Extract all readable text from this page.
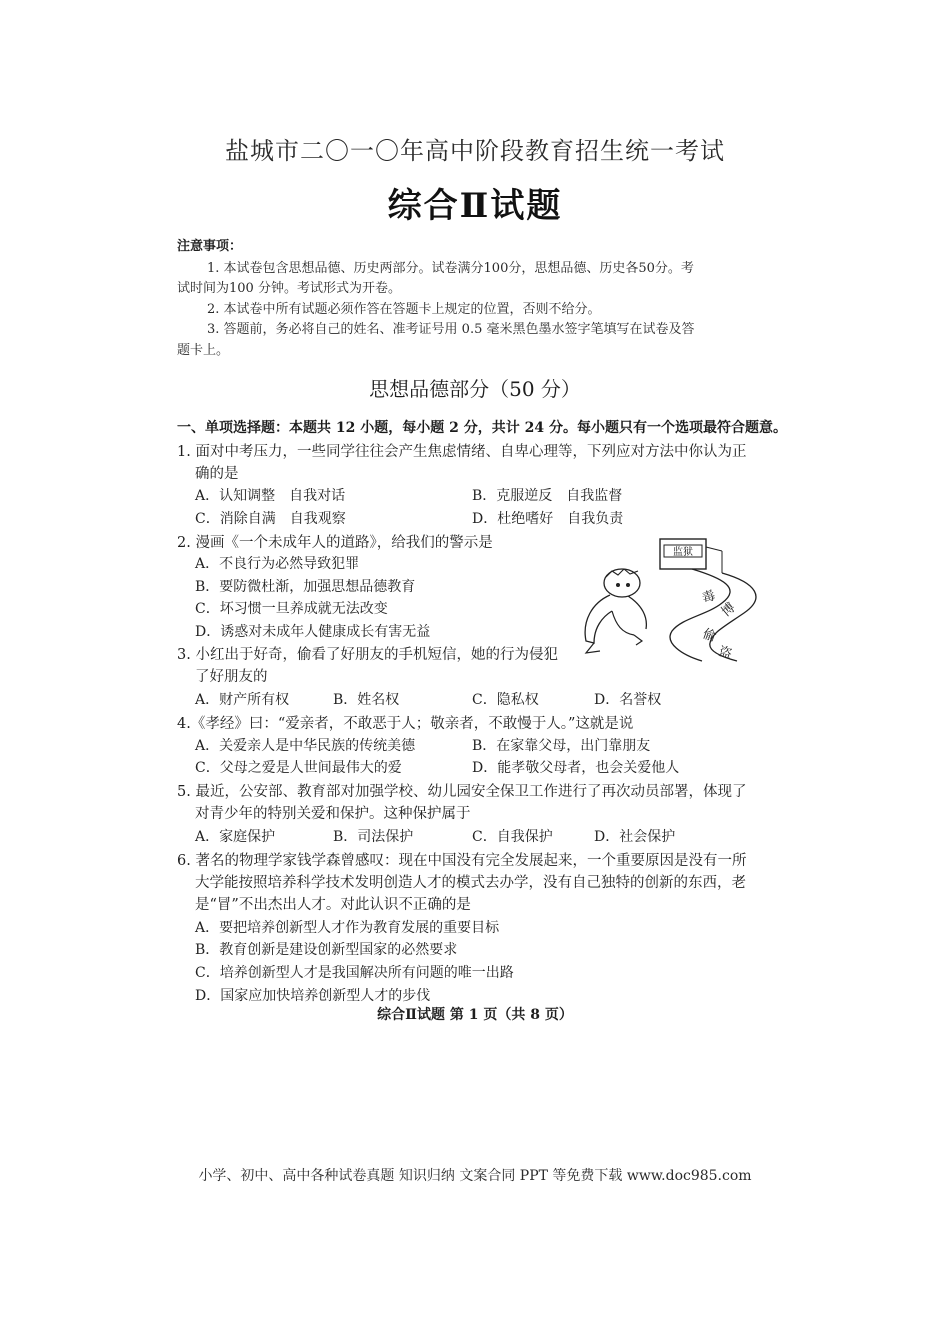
盐城市二〇一〇年高中阶段教育招生统一考试
综合Ⅱ试题
注意事项：
1. 本试卷包含思想品德、历史两部分。试卷满分100分，思想品德、历史各50分。考
试时间为100 分钟。考试形式为开卷。
2. 本试卷中所有试题必须作答在答题卡上规定的位置，否则不给分。
3. 答题前，务必将自己的姓名、准考证号用 0.5 毫米黑色墨水签字笔填写在试卷及答
题卡上。
思想品德部分（50 分）
一、单项选择题：本题共 12 小题，每小题 2 分，共计 24 分。每小题只有一个选项最符合题意。
1. 面对中考压力，一些同学往往会产生焦虑情绪、自卑心理等，下列应对方法中你认为正
确的是
A．认知调整　自我对话	B．克服逆反　自我监督
C．消除自满　自我观察	D．杜绝嗜好　自我负责
2. 漫画《一个未成年人的道路》，给我们的警示是
A．不良行为必然导致犯罪
B．要防微杜渐，加强思想品德教育
C．坏习惯一旦养成就无法改变
D．诱惑对未成年人健康成长有害无益
监狱
毒
博
偷
盗
3. 小红出于好奇，偷看了好朋友的手机短信，她的行为侵犯
了好朋友的
A．财产所有权	B．姓名权	C．隐私权	D．名誉权
4.《孝经》曰：“爱亲者，不敢恶于人；敬亲者，不敢慢于人。”这就是说
A．关爱亲人是中华民族的传统美德	B．在家靠父母，出门靠朋友
C．父母之爱是人世间最伟大的爱	D．能孝敬父母者，也会关爱他人
5. 最近，公安部、教育部对加强学校、幼儿园安全保卫工作进行了再次动员部署，体现了
对青少年的特别关爱和保护。这种保护属于
A．家庭保护	B．司法保护	C．自我保护	D．社会保护
6. 著名的物理学家钱学森曾感叹：现在中国没有完全发展起来，一个重要原因是没有一所
大学能按照培养科学技术发明创造人才的模式去办学，没有自己独特的创新的东西，老
是“冒”不出杰出人才。对此认识不正确的是
A．要把培养创新型人才作为教育发展的重要目标
B．教育创新是建设创新型国家的必然要求
C．培养创新型人才是我国解决所有问题的唯一出路
D．国家应加快培养创新型人才的步伐
综合Ⅱ试题 第 1 页（共 8 页）
小学、初中、高中各种试卷真题 知识归纳 文案合同 PPT 等免费下载 www.doc985.com
